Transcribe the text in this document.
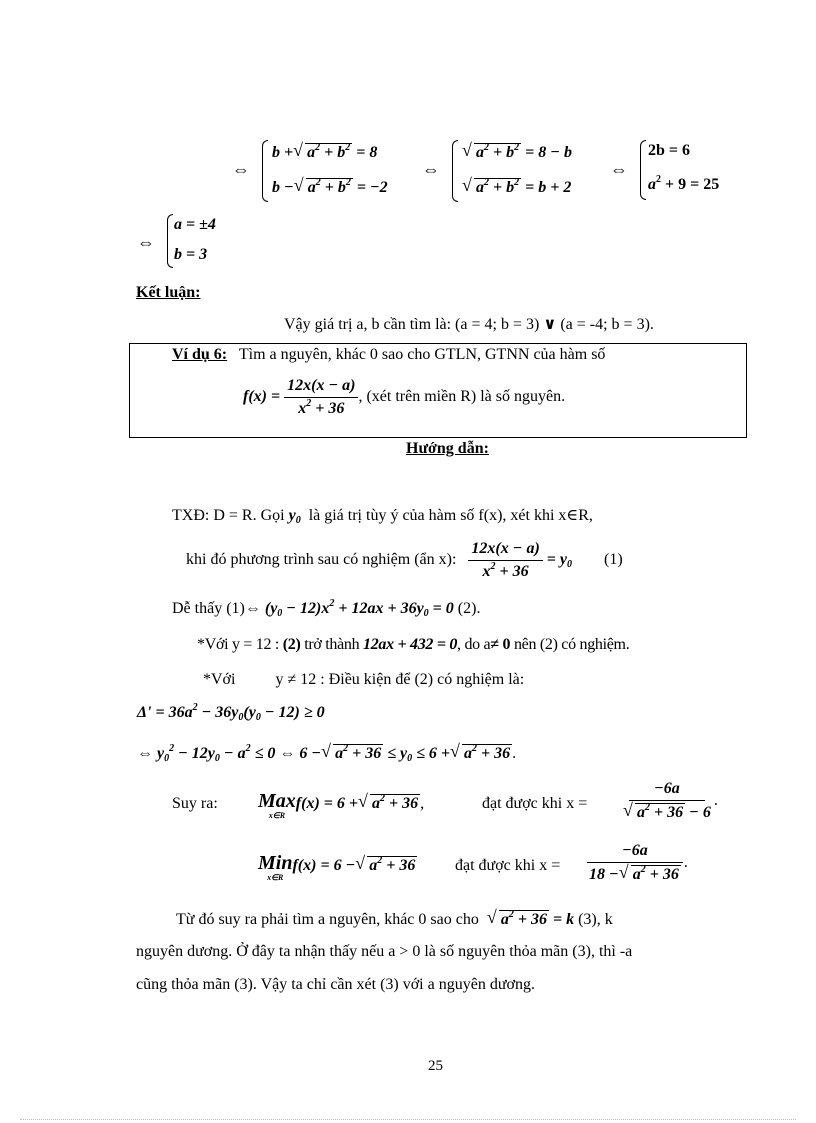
⇔
b + √ $a^2 + b^2 = 8$
b − √ $a^2 + b^2 = -2$
⇔
√ $a^2 + b^2 = 8 - b$
√ $a^2 + b^2 = b + 2$
⇔
2b = 6
$a^2 + 9 = 25$
⇔
a = ±4
b = 3
Kết luận:
Vậy giá trị a, b cần tìm là: (a = 4; b = 3) ∨ (a = -4; b = 3).
Ví dụ 6: Tìm a nguyên, khác 0 sao cho GTLN, GTNN của hàm số
$f(x) = \frac{12x(x - a)}{x^2 + 36}$ , (xét trên miền R) là số nguyên.
Hướng dẫn:
TXĐ: D = R. Gọi $y_0$ là giá trị tùy ý của hàm số f(x), xét khi x∈R,
khi đó phương trình sau có nghiệm (ẩn x): $\frac{12x(x - a)}{x^2 + 36} = y_0$ (1)
Dễ thấy (1)⇔ $(y_0 - 12)x^2 + 12ax + 36y_0 = 0$ (2).
*Với y = 12 : (2) trở thành 12ax + 432 = 0, do a≠ 0 nên (2) có nghiệm.
*Với	y ≠ 12 : Điều kiện để (2) có nghiệm là:
$\Delta' = 36a^2 - 36y_0(y_0 - 12) \ge 0$
⇔ $y_0^2 - 12y_0 - a^2 \le 0$ ⇔ 6 − √ $a^2 + 36 \le y_0 \le 6$ + √ $a^2 + 36$ .
Suy ra: Max
x∈R
f(x) = 6 + √ $a^2 + 36$ ,	đạt được khi x = −6a
√ $a^2 + 36 - 6$ .
Min
x∈R
f(x) = 6 − √ $a^2 + 36$ đạt được khi $x = \frac{-6a}{18 - √ a^2 + 36}$ .
Từ đó suy ra phải tìm a nguyên, khác 0 sao cho √ $a^2 + 36 = k$ (3), k
nguyên dương. Ở đây ta nhận thấy nếu a > 0 là số nguyên thỏa mãn (3), thì -a
cũng thỏa mãn (3). Vậy ta chỉ cần xét (3) với a nguyên dương.
25
